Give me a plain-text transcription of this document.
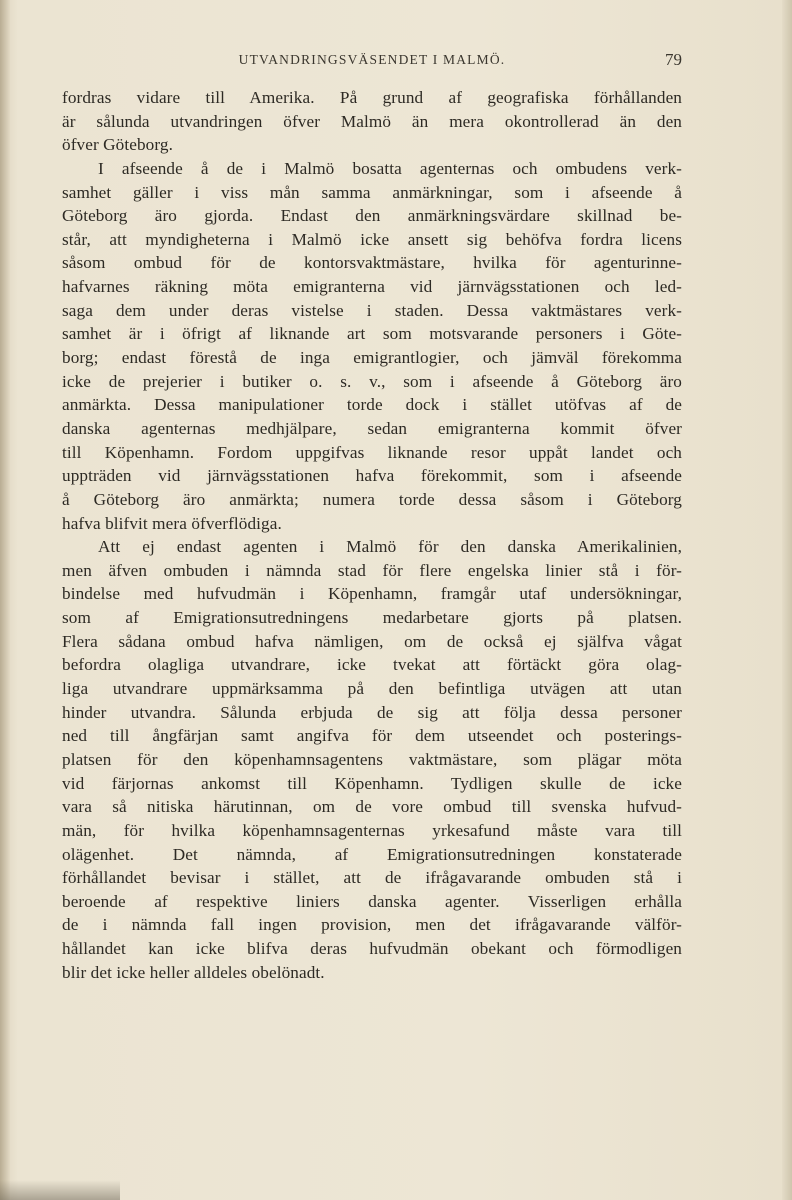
UTVANDRINGSVÄSENDET I MALMÖ.	79
fordras vidare till Amerika. På grund af geografiska förhållanden
är sålunda utvandringen öfver Malmö än mera okontrollerad än den
öfver Göteborg.
I afseende å de i Malmö bosatta agenternas och ombudens verk-
samhet gäller i viss mån samma anmärkningar, som i afseende å
Göteborg äro gjorda. Endast den anmärkningsvärdare skillnad be-
står, att myndigheterna i Malmö icke ansett sig behöfva fordra licens
såsom ombud för de kontorsvaktmästare, hvilka för agenturinne-
hafvarnes räkning möta emigranterna vid järnvägsstationen och led-
saga dem under deras vistelse i staden. Dessa vaktmästares verk-
samhet är i öfrigt af liknande art som motsvarande personers i Göte-
borg; endast förestå de inga emigrantlogier, och jämväl förekomma
icke de prejerier i butiker o. s. v., som i afseende å Göteborg äro
anmärkta. Dessa manipulationer torde dock i stället utöfvas af de
danska agenternas medhjälpare, sedan emigranterna kommit öfver
till Köpenhamn. Fordom uppgifvas liknande resor uppåt landet och
uppträden vid järnvägsstationen hafva förekommit, som i afseende
å Göteborg äro anmärkta; numera torde dessa såsom i Göteborg
hafva blifvit mera öfverflödiga.
Att ej endast agenten i Malmö för den danska Amerikalinien,
men äfven ombuden i nämnda stad för flere engelska linier stå i för-
bindelse med hufvudmän i Köpenhamn, framgår utaf undersökningar,
som af Emigrationsutredningens medarbetare gjorts på platsen.
Flera sådana ombud hafva nämligen, om de också ej själfva vågat
befordra olagliga utvandrare, icke tvekat att förtäckt göra olag-
liga utvandrare uppmärksamma på den befintliga utvägen att utan
hinder utvandra. Sålunda erbjuda de sig att följa dessa personer
ned till ångfärjan samt angifva för dem utseendet och posterings-
platsen för den köpenhamnsagentens vaktmästare, som plägar möta
vid färjornas ankomst till Köpenhamn. Tydligen skulle de icke
vara så nitiska härutinnan, om de vore ombud till svenska hufvud-
män, för hvilka köpenhamnsagenternas yrkesafund måste vara till
olägenhet. Det nämnda, af Emigrationsutredningen konstaterade
förhållandet bevisar i stället, att de ifrågavarande ombuden stå i
beroende af respektive liniers danska agenter. Visserligen erhålla
de i nämnda fall ingen provision, men det ifrågavarande välför-
hållandet kan icke blifva deras hufvudmän obekant och förmodligen
blir det icke heller alldeles obelönadt.
